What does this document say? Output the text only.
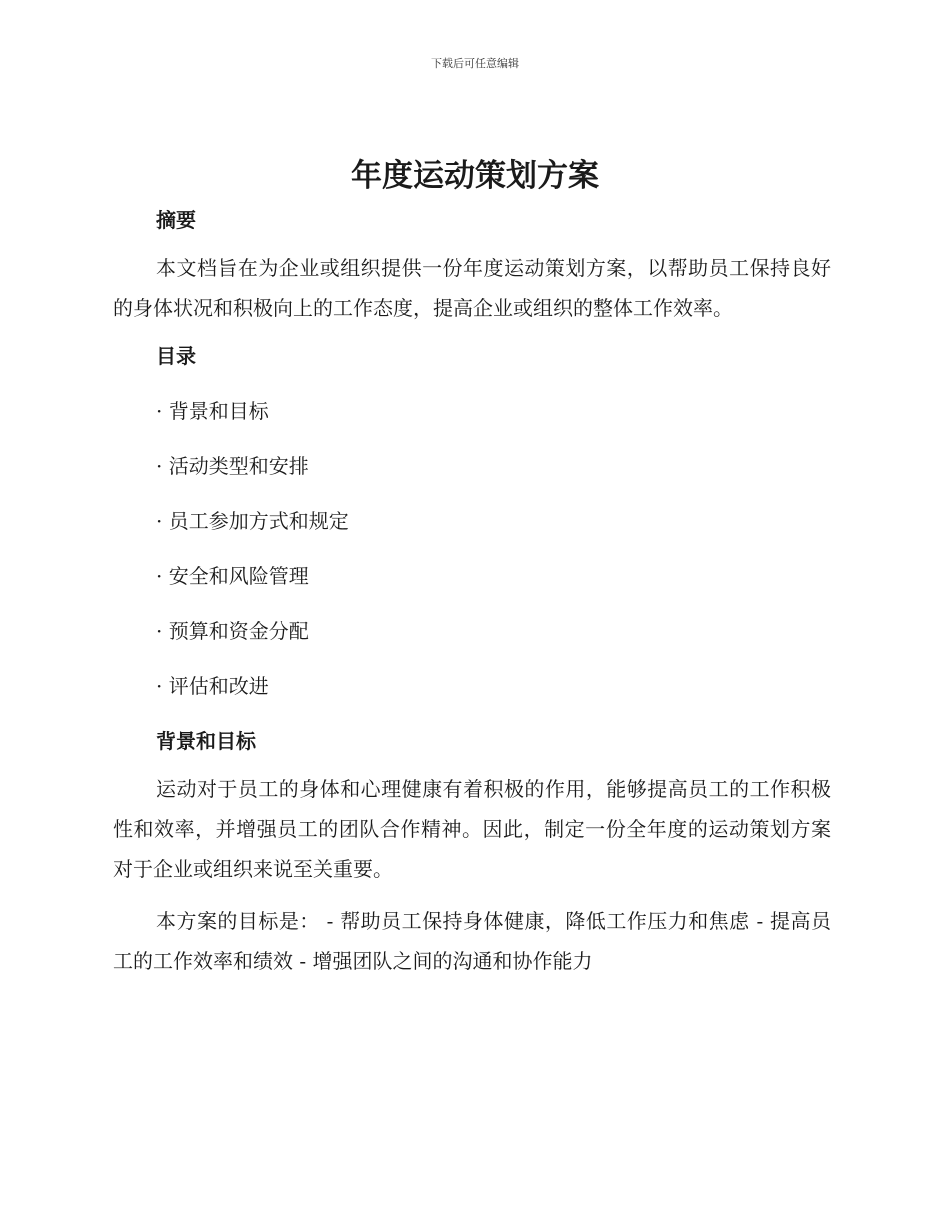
下载后可任意编辑
年度运动策划方案
摘要

本文档旨在为企业或组织提供一份年度运动策划方案，以帮助员工保持良好的身体状况和积极向上的工作态度，提高企业或组织的整体工作效率。

目录

· 背景和目标

· 活动类型和安排

· 员工参加方式和规定

· 安全和风险管理

· 预算和资金分配

· 评估和改进

背景和目标

运动对于员工的身体和心理健康有着积极的作用，能够提高员工的工作积极性和效率，并增强员工的团队合作精神。因此，制定一份全年度的运动策划方案对于企业或组织来说至关重要。

本方案的目标是： - 帮助员工保持身体健康，降低工作压力和焦虑 - 提高员工的工作效率和绩效 - 增强团队之间的沟通和协作能力
